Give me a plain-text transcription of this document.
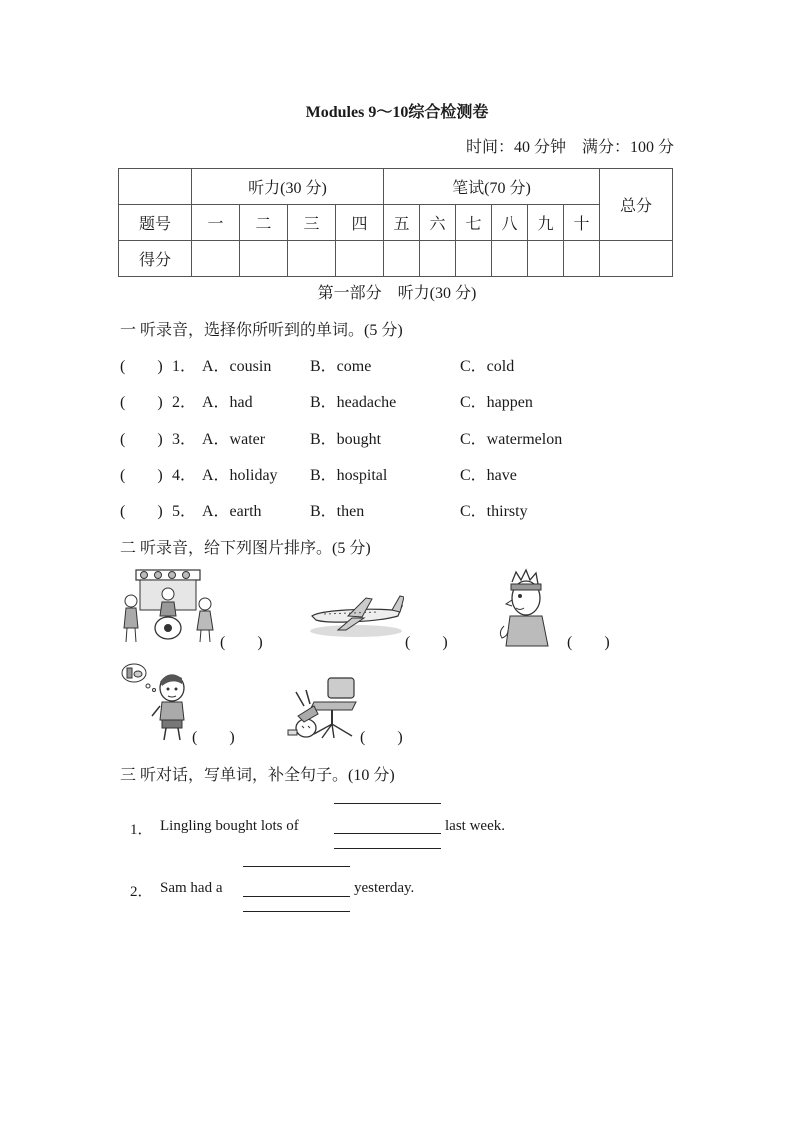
Modules 9～10综合检测卷
时间：40 分钟　满分：100 分
	听力(30 分)				笔试(70 分)						总分
题号	一	二	三	四	五	六	七	八	九	十	
得分											
第一部分　听力(30 分)
一 听录音，选择你所听到的单词。(5 分)
(　　) 1． A．cousin B．come	C．cold
(　　) 2． A．had	B．headache	C．happen
(　　) 3． A．water	B．bought	C．watermelon
(　　) 4． A．holiday B．hospital	C．have
(　　) 5． A．earth	B．then	C．thirsty
二 听录音，给下列图片排序。(5 分)
(　　)	(　　)	(　　)
(　　)	(　　)
三 听对话，写单词，补全句子。(10 分)
1． Lingling bought lots of	last week.
2． Sam had a	yesterday.
